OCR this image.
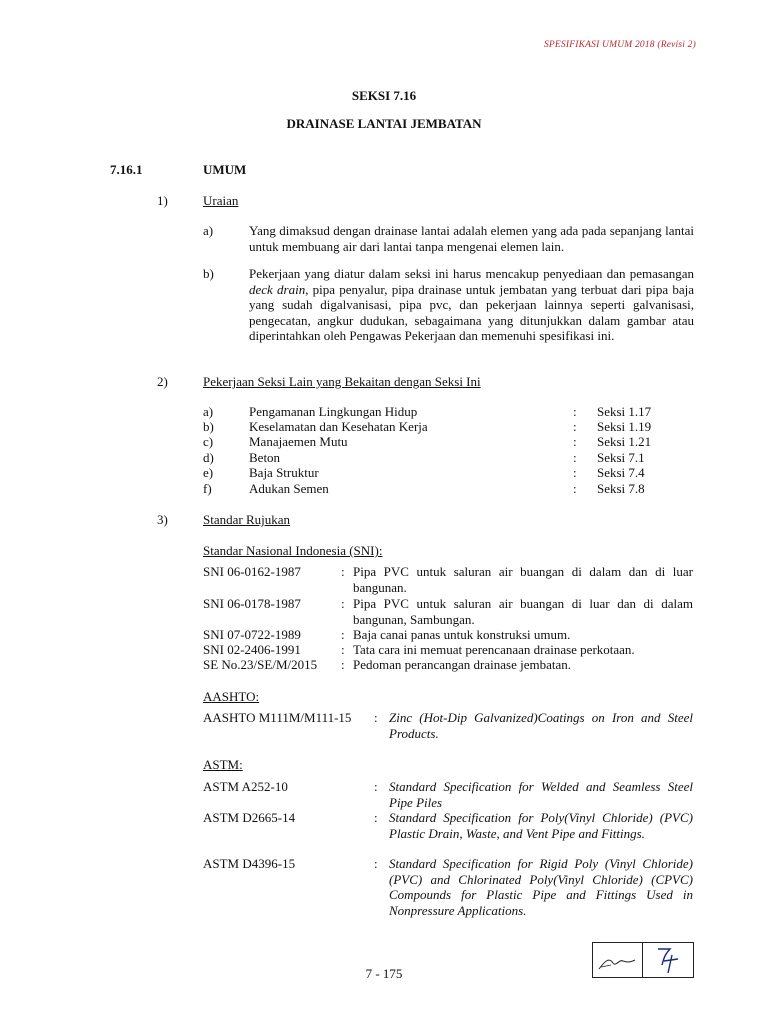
SPESIFIKASI UMUM 2018 (Revisi 2)
SEKSI 7.16
DRAINASE LANTAI JEMBATAN
7.16.1	UMUM
1)	Uraian
a)	Yang dimaksud dengan drainase lantai adalah elemen yang ada pada sepanjang lantai untuk membuang air dari lantai tanpa mengenai elemen lain.
b)	Pekerjaan yang diatur dalam seksi ini harus mencakup penyediaan dan pemasangan deck drain, pipa penyalur, pipa drainase untuk jembatan yang terbuat dari pipa baja yang sudah digalvanisasi, pipa pvc, dan pekerjaan lainnya seperti galvanisasi, pengecatan, angkur dudukan, sebagaimana yang ditunjukkan dalam gambar atau diperintahkan oleh Pengawas Pekerjaan dan memenuhi spesifikasi ini.
2)	Pekerjaan Seksi Lain yang Bekaitan dengan Seksi Ini
a)	Pengamanan Lingkungan Hidup	: Seksi 1.17
b)	Keselamatan dan Kesehatan Kerja	: Seksi 1.19
c)	Manajaemen Mutu	: Seksi 1.21
d)	Beton	: Seksi 7.1
e)	Baja Struktur	: Seksi 7.4
f)	Adukan Semen	: Seksi 7.8
3)	Standar Rujukan
Standar Nasional Indonesia (SNI):
SNI 06-0162-1987	: Pipa PVC untuk saluran air buangan di dalam dan di luar bangunan.
SNI 06-0178-1987	: Pipa PVC untuk saluran air buangan di luar dan di dalam bangunan, Sambungan.
SNI 07-0722-1989	: Baja canai panas untuk konstruksi umum.
SNI 02-2406-1991	: Tata cara ini memuat perencanaan drainase perkotaan.
SE No.23/SE/M/2015 : Pedoman perancangan drainase jembatan.
AASHTO:
AASHTO M111M/M111-15 : Zinc (Hot-Dip Galvanized)Coatings on Iron and Steel Products.
ASTM:
ASTM A252-10	: Standard Specification for Welded and Seamless Steel Pipe Piles
ASTM D2665-14	: Standard Specification for Poly(Vinyl Chloride) (PVC) Plastic Drain, Waste, and Vent Pipe and Fittings.
ASTM D4396-15	: Standard Specification for Rigid Poly (Vinyl Chloride) (PVC) and Chlorinated Poly(Vinyl Chloride) (CPVC) Compounds for Plastic Pipe and Fittings Used in Nonpressure Applications.
7 - 175
